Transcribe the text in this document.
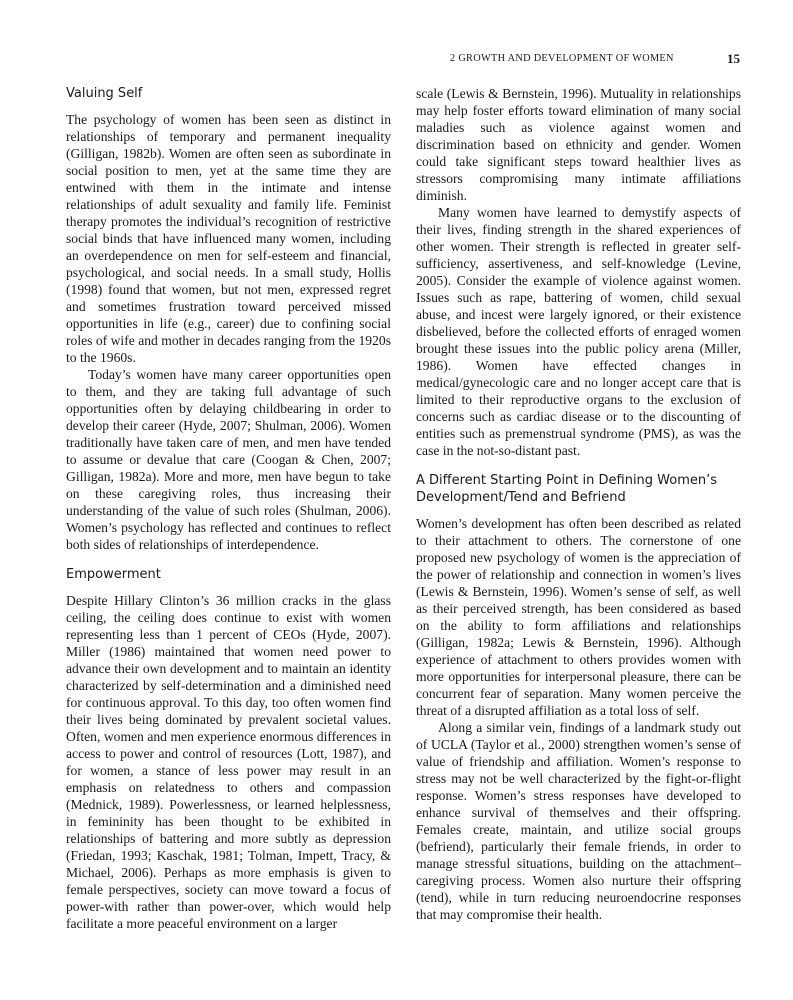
2 GROWTH AND DEVELOPMENT OF WOMEN	15
Valuing Self

The psychology of women has been seen as distinct in relationships of temporary and permanent inequality (Gilligan, 1982b). Women are often seen as subordinate in social position to men, yet at the same time they are entwined with them in the intimate and intense relationships of adult sexuality and family life. Feminist therapy promotes the individual’s recognition of restrictive social binds that have influenced many women, including an overdependence on men for self-esteem and financial, psychological, and social needs. In a small study, Hollis (1998) found that women, but not men, expressed regret and sometimes frustration toward perceived missed opportunities in life (e.g., career) due to confining social roles of wife and mother in decades ranging from the 1920s to the 1960s.

Today’s women have many career opportunities open to them, and they are taking full advantage of such opportunities often by delaying childbearing in order to develop their career (Hyde, 2007; Shulman, 2006). Women traditionally have taken care of men, and men have tended to assume or devalue that care (Coogan & Chen, 2007; Gilligan, 1982a). More and more, men have begun to take on these caregiving roles, thus increasing their understanding of the value of such roles (Shulman, 2006). Women’s psychology has reflected and continues to reflect both sides of relationships of interdependence.

Empowerment

Despite Hillary Clinton’s 36 million cracks in the glass ceiling, the ceiling does continue to exist with women representing less than 1 percent of CEOs (Hyde, 2007). Miller (1986) maintained that women need power to advance their own development and to maintain an identity characterized by self-determination and a diminished need for continuous approval. To this day, too often women find their lives being dominated by prevalent societal values. Often, women and men experience enormous differences in access to power and control of resources (Lott, 1987), and for women, a stance of less power may result in an emphasis on relatedness to others and compassion (Mednick, 1989). Powerlessness, or learned helplessness, in femininity has been thought to be exhibited in relationships of battering and more subtly as depression (Friedan, 1993; Kaschak, 1981; Tolman, Impett, Tracy, & Michael, 2006). Perhaps as more emphasis is given to female perspectives, society can move toward a focus of power-with rather than power-over, which would help facilitate a more peaceful environment on a larger

scale (Lewis & Bernstein, 1996). Mutuality in relationships may help foster efforts toward elimination of many social maladies such as violence against women and discrimination based on ethnicity and gender. Women could take significant steps toward healthier lives as stressors compromising many intimate affiliations diminish.

Many women have learned to demystify aspects of their lives, finding strength in the shared experiences of other women. Their strength is reflected in greater self-sufficiency, assertiveness, and self-knowledge (Levine, 2005). Consider the example of violence against women. Issues such as rape, battering of women, child sexual abuse, and incest were largely ignored, or their existence disbelieved, before the collected efforts of enraged women brought these issues into the public policy arena (Miller, 1986). Women have effected changes in medical/gynecologic care and no longer accept care that is limited to their reproductive organs to the exclusion of concerns such as cardiac disease or to the discounting of entities such as premenstrual syndrome (PMS), as was the case in the not-so-distant past.

A Different Starting Point in Defining Women’s Development/Tend and Befriend

Women’s development has often been described as related to their attachment to others. The cornerstone of one proposed new psychology of women is the appreciation of the power of relationship and connection in women’s lives (Lewis & Bernstein, 1996). Women’s sense of self, as well as their perceived strength, has been considered as based on the ability to form affiliations and relationships (Gilligan, 1982a; Lewis & Bernstein, 1996). Although experience of attachment to others provides women with more opportunities for interpersonal pleasure, there can be concurrent fear of separation. Many women perceive the threat of a disrupted affiliation as a total loss of self.

Along a similar vein, findings of a landmark study out of UCLA (Taylor et al., 2000) strengthen women’s sense of value of friendship and affiliation. Women’s response to stress may not be well characterized by the fight-or-flight response. Women’s stress responses have developed to enhance survival of themselves and their offspring. Females create, maintain, and utilize social groups (befriend), particularly their female friends, in order to manage stressful situations, building on the attachment–caregiving process. Women also nurture their offspring (tend), while in turn reducing neuroendocrine responses that may compromise their health.
